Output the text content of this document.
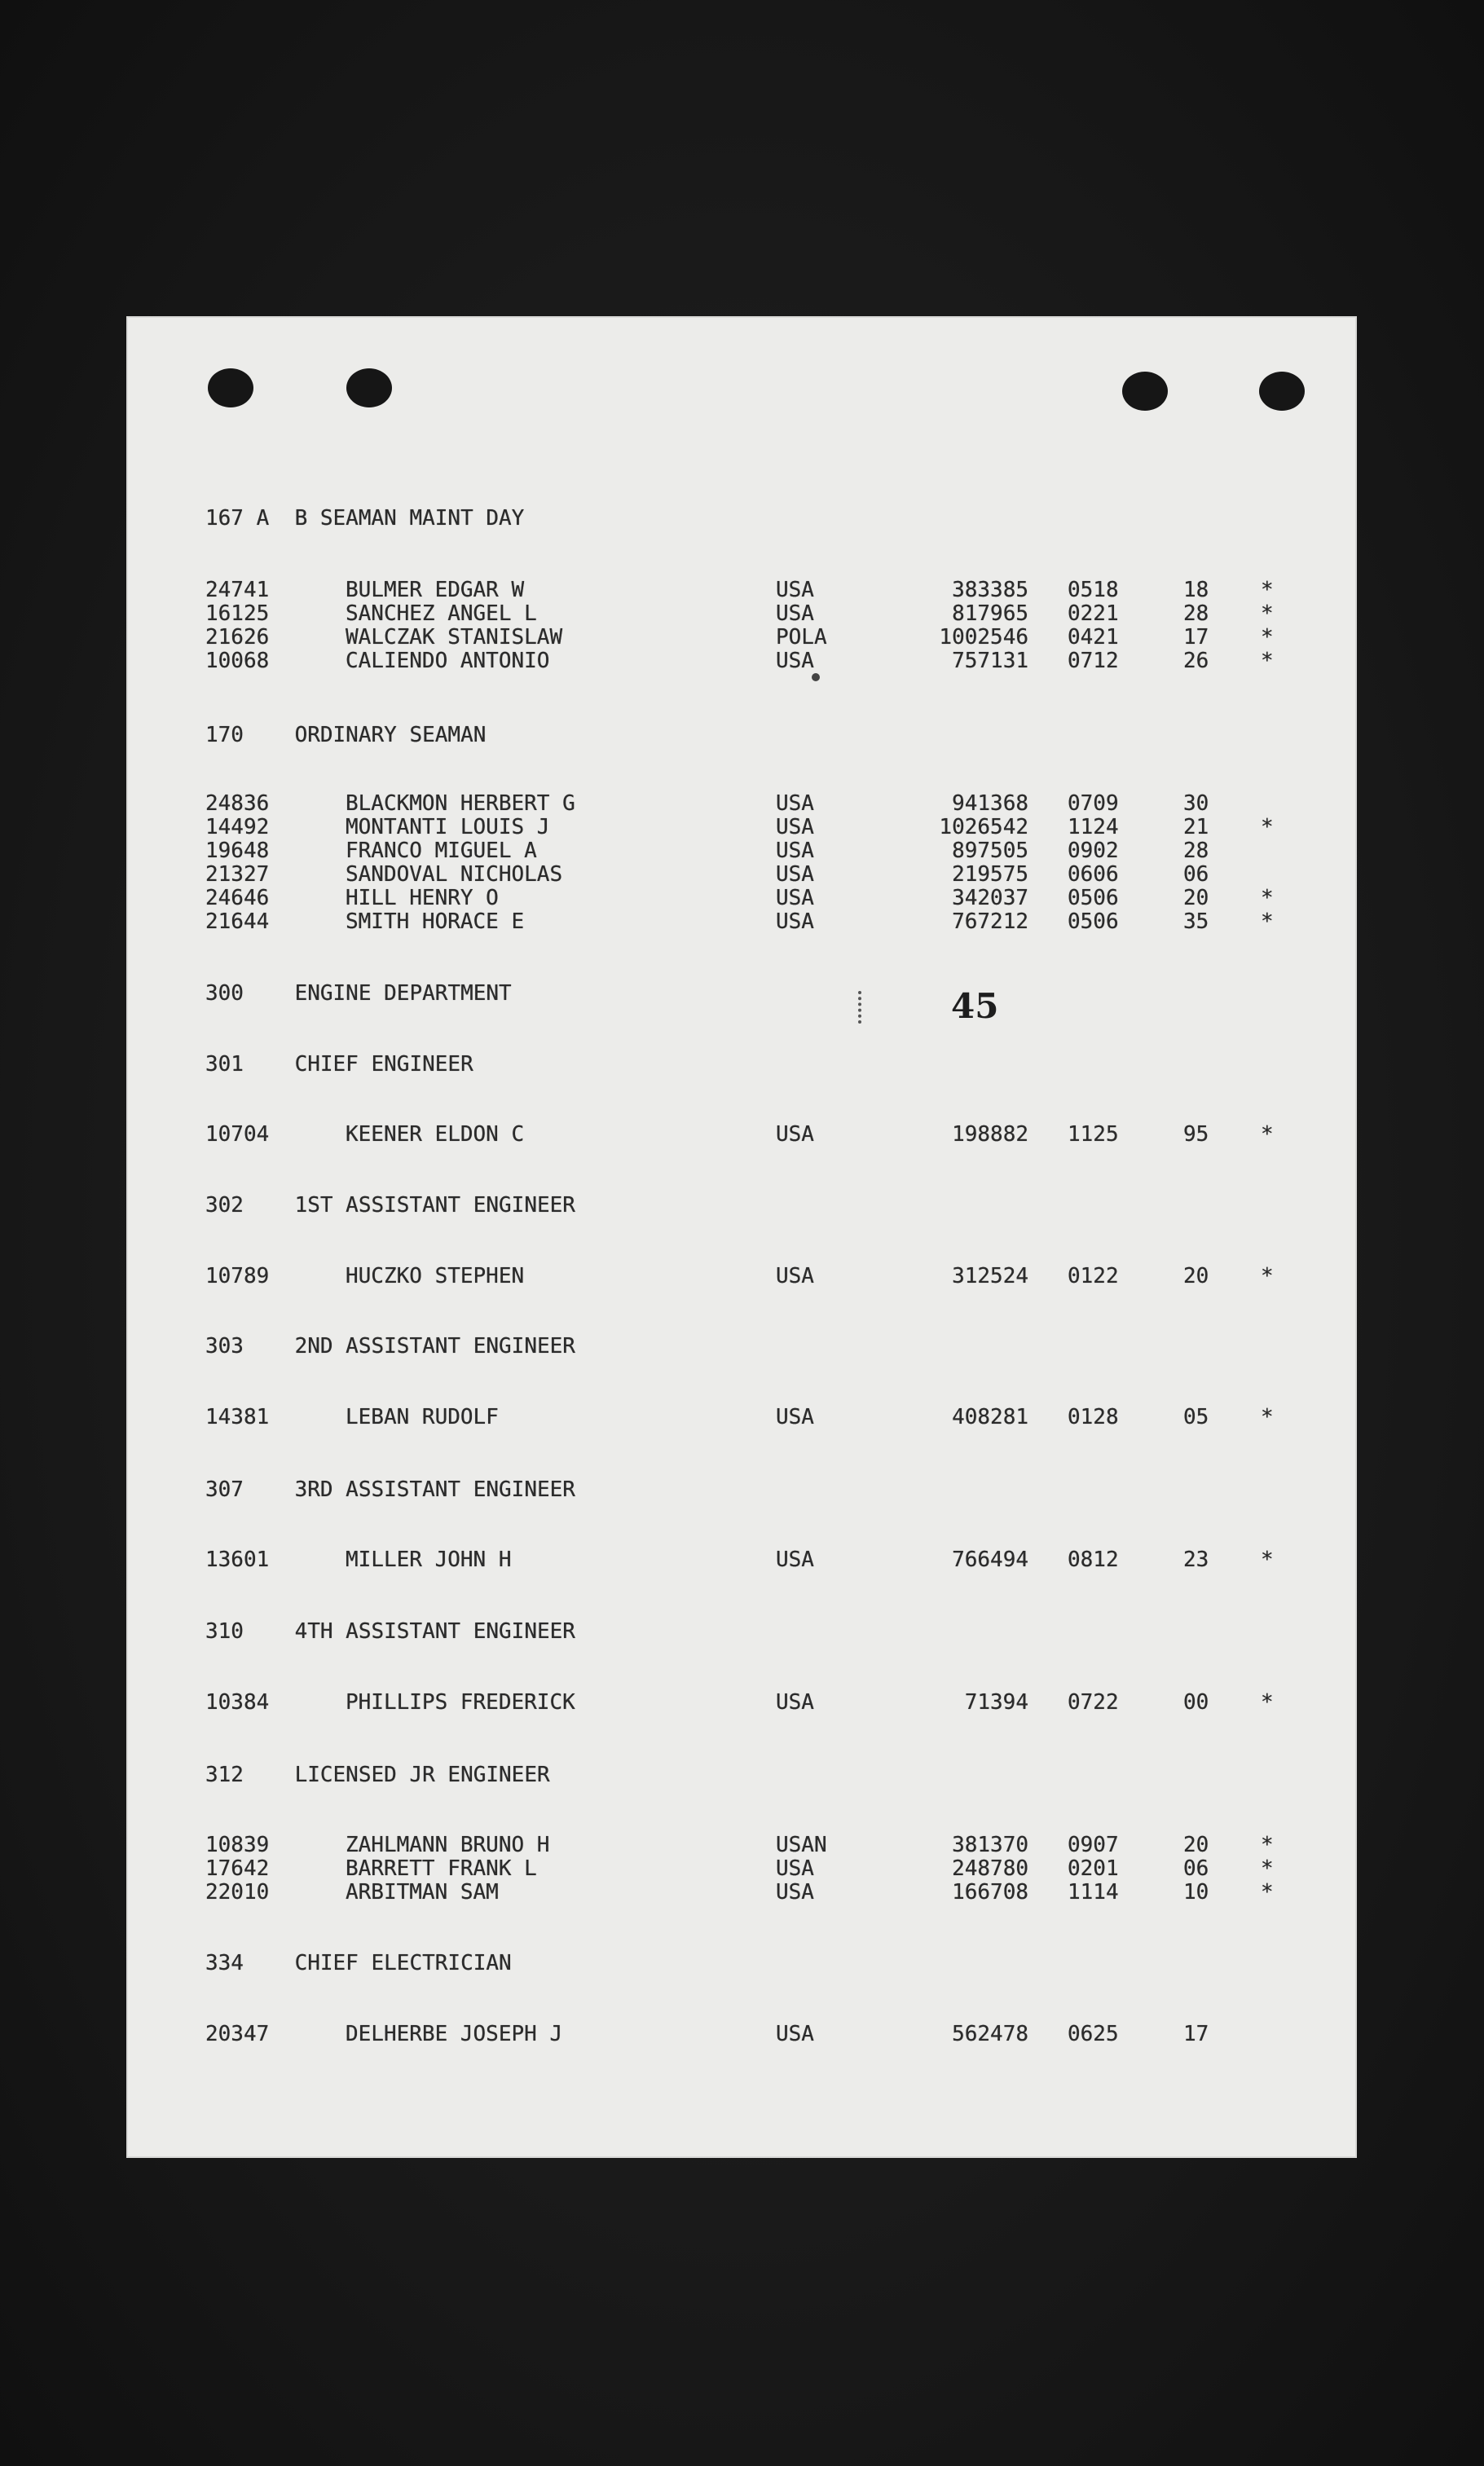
45
167 A  B SEAMAN MAINT DAY
24741	BULMER EDGAR W	USA	383385 0518	18 *
16125	SANCHEZ ANGEL L	USA	817965 0221	28 *
21626	WALCZAK STANISLAW	POLA	1002546 0421	17 *
10068	CALIENDO ANTONIO	USA	757131 0712	26 *
170    ORDINARY SEAMAN
24836	BLACKMON HERBERT G	USA	941368 0709	30
14492	MONTANTI LOUIS J	USA	1026542 1124	21 *
19648	FRANCO MIGUEL A	USA	897505 0902	28
21327	SANDOVAL NICHOLAS	USA	219575 0606	06
24646	HILL HENRY O	USA	342037 0506	20 *
21644	SMITH HORACE E	USA	767212 0506	35 *
300    ENGINE DEPARTMENT
301    CHIEF ENGINEER
10704	KEENER ELDON C	USA	198882 1125	95 *
302    1ST ASSISTANT ENGINEER
10789	HUCZKO STEPHEN	USA	312524 0122	20 *
303    2ND ASSISTANT ENGINEER
14381	LEBAN RUDOLF	USA	408281 0128	05 *
307    3RD ASSISTANT ENGINEER
13601	MILLER JOHN H	USA	766494 0812	23 *
310    4TH ASSISTANT ENGINEER
10384	PHILLIPS FREDERICK	USA	71394 0722	00 *
312    LICENSED JR ENGINEER
10839	ZAHLMANN BRUNO H	USAN	381370 0907	20 *
17642	BARRETT FRANK L	USA	248780 0201	06 *
22010	ARBITMAN SAM	USA	166708 1114	10 *
334    CHIEF ELECTRICIAN
20347	DELHERBE JOSEPH J	USA	562478 0625	17
